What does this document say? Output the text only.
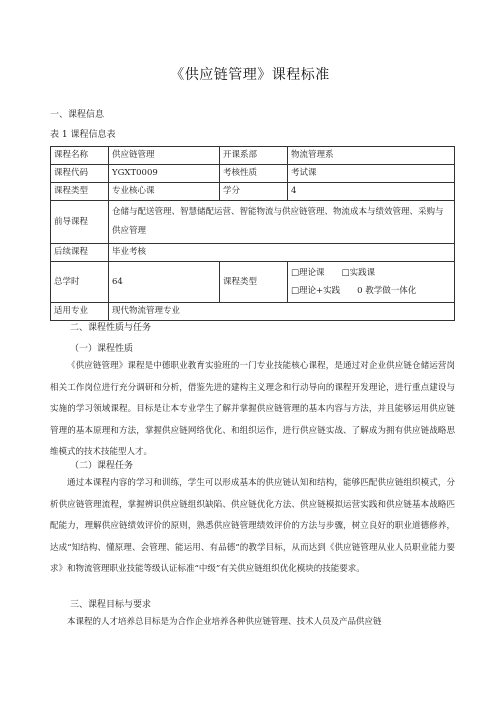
《供应链管理》课程标准
一、课程信息
表 1 课程信息表
课程名称	供应链管理	开课系部	物流管理系
课程代码	YGXT0009	考核性质	考试课
课程类型	专业核心课	学分	4
前导课程	仓储与配送管理、智慧储配运营、智能物流与供应链管理、物流成本与绩效管理、采购与供应管理		
后续课程	毕业考核		
总学时	64	课程类型	□理论课　　□实践课
□理论+实践　　0 教学做一体化

适用专业	现代物流管理专业		
二、课程性质与任务
（一）课程性质

《供应链管理》课程是中德职业教育实验班的一门专业技能核心课程，是通过对企业供应链仓储运营岗相关工作岗位进行充分调研和分析，借鉴先进的建构主义理念和行动导向的课程开发理论，进行重点建设与实施的学习领域课程。目标是让本专业学生了解并掌握供应链管理的基本内容与方法，并且能够运用供应链管理的基本原理和方法，掌握供应链网络优化、和组织运作，进行供应链实战、了解成为拥有供应链战略思维模式的技术技能型人才。

（二）课程任务

通过本课程内容的学习和训练，学生可以形成基本的供应链认知和结构，能够匹配供应链组织模式，分析供应链管理流程，掌握辨识供应链组织缺陷、供应链优化方法、供应链模拟运营实践和供应链基本战略匹配能力，理解供应链绩效评价的原则，熟悉供应链管理绩效评价的方法与步骤，树立良好的职业道德修养，达成“知结构、懂原理、会管理、能运用、有品德”的教学目标，从而达到《供应链管理从业人员职业能力要求》和物流管理职业技能等级认证标准“中级”有关供应链组织优化模块的技能要求。

三、课程目标与要求

本课程的人才培养总目标是为合作企业培养各种供应链管理、技术人员及产品供应链
